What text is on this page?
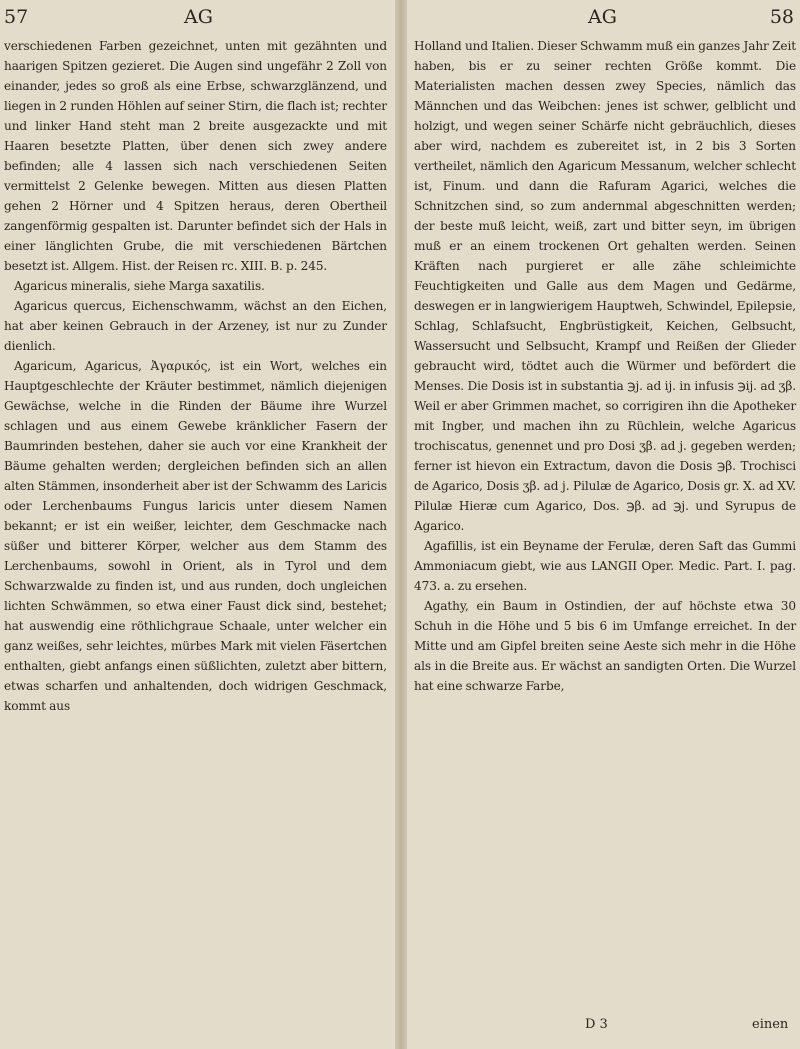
57	AG

verschiedenen Farben gezeichnet, unten mit gezähnten und haarigen Spitzen gezieret. Die Augen sind ungefähr 2 Zoll von einander, jedes so groß als eine Erbse, schwarzglänzend, und liegen in 2 runden Höhlen auf seiner Stirn, die flach ist; rechter und linker Hand steht man 2 breite ausgezackte und mit Haaren besetzte Platten, über denen sich zwey andere befinden; alle 4 lassen sich nach verschiedenen Seiten vermittelst 2 Gelenke bewegen. Mitten aus diesen Platten gehen 2 Hörner und 4 Spitzen heraus, deren Obertheil zangenförmig gespalten ist. Darunter befindet sich der Hals in einer länglichten Grube, die mit verschiedenen Bärtchen besetzt ist. Allgem. Hist. der Reisen rc. XIII. B. p. 245.

Agaricus mineralis, siehe Marga saxatilis.

Agaricus quercus, Eichenschwamm, wächst an den Eichen, hat aber keinen Gebrauch in der Arzeney, ist nur zu Zunder dienlich.

Agaricum, Agaricus, Ἀγαρικός, ist ein Wort, welches ein Hauptgeschlechte der Kräuter bestimmet, nämlich diejenigen Gewächse, welche in die Rinden der Bäume ihre Wurzel schlagen und aus einem Gewebe kränklicher Fasern der Baumrinden bestehen, daher sie auch vor eine Krankheit der Bäume gehalten werden; dergleichen befinden sich an allen alten Stämmen, insonderheit aber ist der Schwamm des Laricis oder Lerchenbaums Fungus laricis unter diesem Namen bekannt; er ist ein weißer, leichter, dem Geschmacke nach süßer und bitterer Körper, welcher aus dem Stamm des Lerchenbaums, sowohl in Orient, als in Tyrol und dem Schwarzwalde zu finden ist, und aus runden, doch ungleichen lichten Schwämmen, so etwa einer Faust dick sind, bestehet; hat auswendig eine röthlichgraue Schaale, unter welcher ein ganz weißes, sehr leichtes, mürbes Mark mit vielen Fäsertchen enthalten, giebt anfangs einen süßlichten, zuletzt aber bittern, etwas scharfen und anhaltenden, doch widrigen Geschmack, kommt aus

AG	58

Holland und Italien. Dieser Schwamm muß ein ganzes Jahr Zeit haben, bis er zu seiner rechten Größe kommt. Die Materialisten machen dessen zwey Species, nämlich das Männchen und das Weibchen: jenes ist schwer, gelblicht und holzigt, und wegen seiner Schärfe nicht gebräuchlich, dieses aber wird, nachdem es zubereitet ist, in 2 bis 3 Sorten vertheilet, nämlich den Agaricum Messanum, welcher schlecht ist, Finum. und dann die Rafuram Agarici, welches die Schnitzchen sind, so zum andernmal abgeschnitten werden; der beste muß leicht, weiß, zart und bitter seyn, im übrigen muß er an einem trockenen Ort gehalten werden. Seinen Kräften nach purgieret er alle zähe schleimichte Feuchtigkeiten und Galle aus dem Magen und Gedärme, deswegen er in langwierigem Hauptweh, Schwindel, Epilepsie, Schlag, Schlafsucht, Engbrüstigkeit, Keichen, Gelbsucht, Wassersucht und Selbsucht, Krampf und Reißen der Glieder gebraucht wird, tödtet auch die Würmer und befördert die Menses. Die Dosis ist in substantia ℈j. ad ij. in infusis ℈ij. ad ʒβ. Weil er aber Grimmen machet, so corrigiren ihn die Apotheker mit Ingber, und machen ihn zu Rüchlein, welche Agaricus trochiscatus, genennet und pro Dosi ʒβ. ad j. gegeben werden; ferner ist hievon ein Extractum, davon die Dosis ℈β. Trochisci de Agarico, Dosis ʒβ. ad j. Pilulæ de Agarico, Dosis gr. X. ad XV. Pilulæ Hieræ cum Agarico, Dos. ℈β. ad ℈j. und Syrupus de Agarico.

Agafillis, ist ein Beyname der Ferulæ, deren Saft das Gummi Ammoniacum giebt, wie aus LANGII Oper. Medic. Part. I. pag. 473. a. zu ersehen.

Agathy, ein Baum in Ostindien, der auf höchste etwa 30 Schuh in die Höhe und 5 bis 6 im Umfange erreichet. In der Mitte und am Gipfel breiten seine Aeste sich mehr in die Höhe als in die Breite aus. Er wächst an sandigten Orten. Die Wurzel hat eine schwarze Farbe,

D 3	einen
